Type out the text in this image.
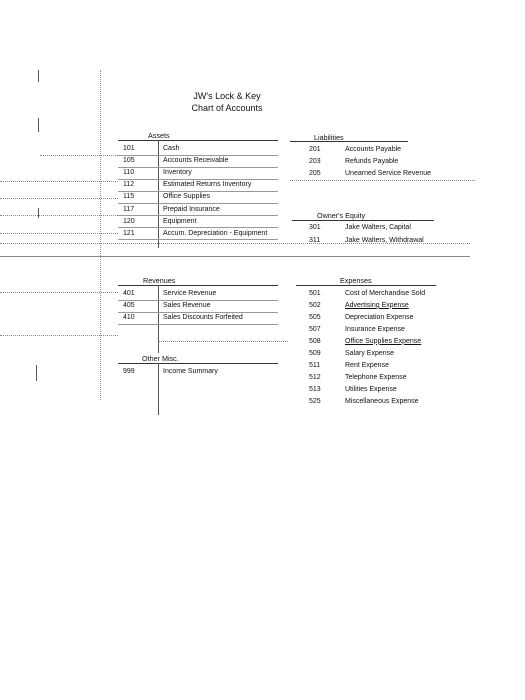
JW's Lock & Key
Chart of Accounts
Assets
101	Cash
105	Accounts Receivable
110	Inventory
112	Estimated Returns Inventory
115	Office Supplies
117	Prepaid Insurance
120	Equipment
121	Accum. Depreciation - Equipment
Liabilities
201	Accounts Payable
203	Refunds Payable
205	Unearned Service Revenue
Owner's Equity
301	Jake Walters, Capital
311	Jake Walters, Withdrawal
Revenues
401	Service Revenue
405	Sales Revenue
410	Sales Discounts Forfeited
Other Misc.
999	Income Summary
Expenses
501	Cost of Merchandise Sold
502	Advertising Expense
505	Depreciation Expense
507	Insurance Expense
508	Office Supplies Expense
509	Salary Expense
511	Rent Expense
512	Telephone Expense
513	Utilities Expense
525	Miscellaneous Expense
